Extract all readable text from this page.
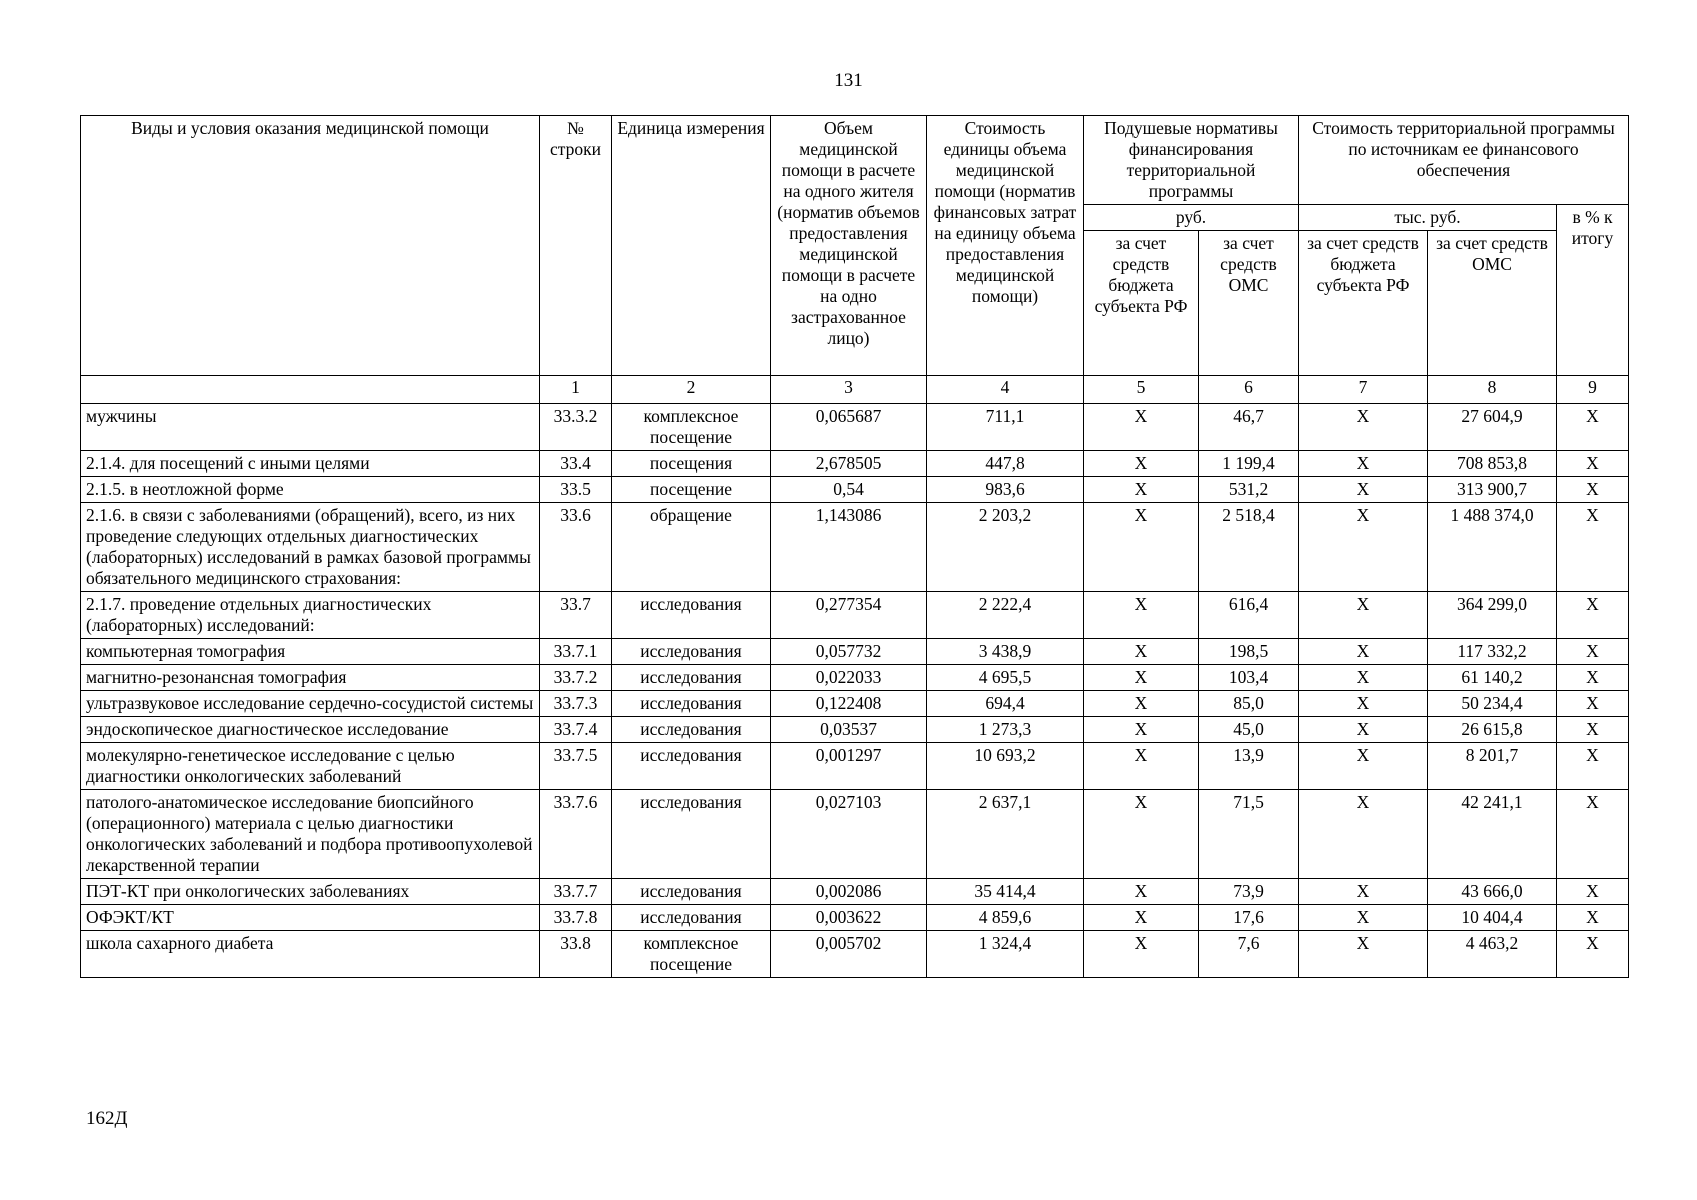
131
Виды и условия оказания медицинской помощи	№ строки	Единица измерения	Объем медицинской помощи в расчете на одного жителя (норматив объемов предоставления медицинской помощи в расчете на одно застрахованное лицо)	Стоимость единицы объема медицинской помощи (норматив финансовых затрат на единицу объема предоставления медицинской помощи)	Подушевые нормативы финансирования территориальной программы		Стоимость территориальной программы по источникам ее финансового обеспечения		
					руб.		тыс. руб.		в % к итогу
					за счет средств бюджета субъекта РФ	за счет средств ОМС	за счет средств бюджета субъекта РФ	за счет средств ОМС	
	1	2	3	4	5	6	7	8	9
мужчины	33.3.2	комплексное посещение	0,065687	711,1	Х	46,7	Х	27 604,9	Х
2.1.4. для посещений с иными целями	33.4	посещения	2,678505	447,8	Х	1 199,4	Х	708 853,8	Х
2.1.5. в неотложной форме	33.5	посещение	0,54	983,6	Х	531,2	Х	313 900,7	Х
2.1.6. в связи с заболеваниями (обращений), всего, из них проведение следующих отдельных диагностических (лабораторных) исследований в рамках базовой программы обязательного медицинского страхования:	33.6	обращение	1,143086	2 203,2	Х	2 518,4	Х	1 488 374,0	Х
2.1.7. проведение отдельных диагностических (лабораторных) исследований:	33.7	исследования	0,277354	2 222,4	Х	616,4	Х	364 299,0	Х
компьютерная томография	33.7.1	исследования	0,057732	3 438,9	Х	198,5	Х	117 332,2	Х
магнитно-резонансная томография	33.7.2	исследования	0,022033	4 695,5	Х	103,4	Х	61 140,2	Х
ультразвуковое исследование сердечно-сосудистой системы	33.7.3	исследования	0,122408	694,4	Х	85,0	Х	50 234,4	Х
эндоскопическое диагностическое исследование	33.7.4	исследования	0,03537	1 273,3	Х	45,0	Х	26 615,8	Х
молекулярно-генетическое исследование с целью диагностики онкологических заболеваний	33.7.5	исследования	0,001297	10 693,2	Х	13,9	Х	8 201,7	Х
патолого-анатомическое исследование биопсийного (операционного) материала с целью диагностики онкологических заболеваний и подбора противоопухолевой лекарственной терапии	33.7.6	исследования	0,027103	2 637,1	Х	71,5	Х	42 241,1	Х
ПЭТ-КТ при онкологических заболеваниях	33.7.7	исследования	0,002086	35 414,4	Х	73,9	Х	43 666,0	Х
ОФЭКТ/КТ	33.7.8	исследования	0,003622	4 859,6	Х	17,6	Х	10 404,4	Х
школа сахарного диабета	33.8	комплексное посещение	0,005702	1 324,4	Х	7,6	Х	4 463,2	Х
162Д
